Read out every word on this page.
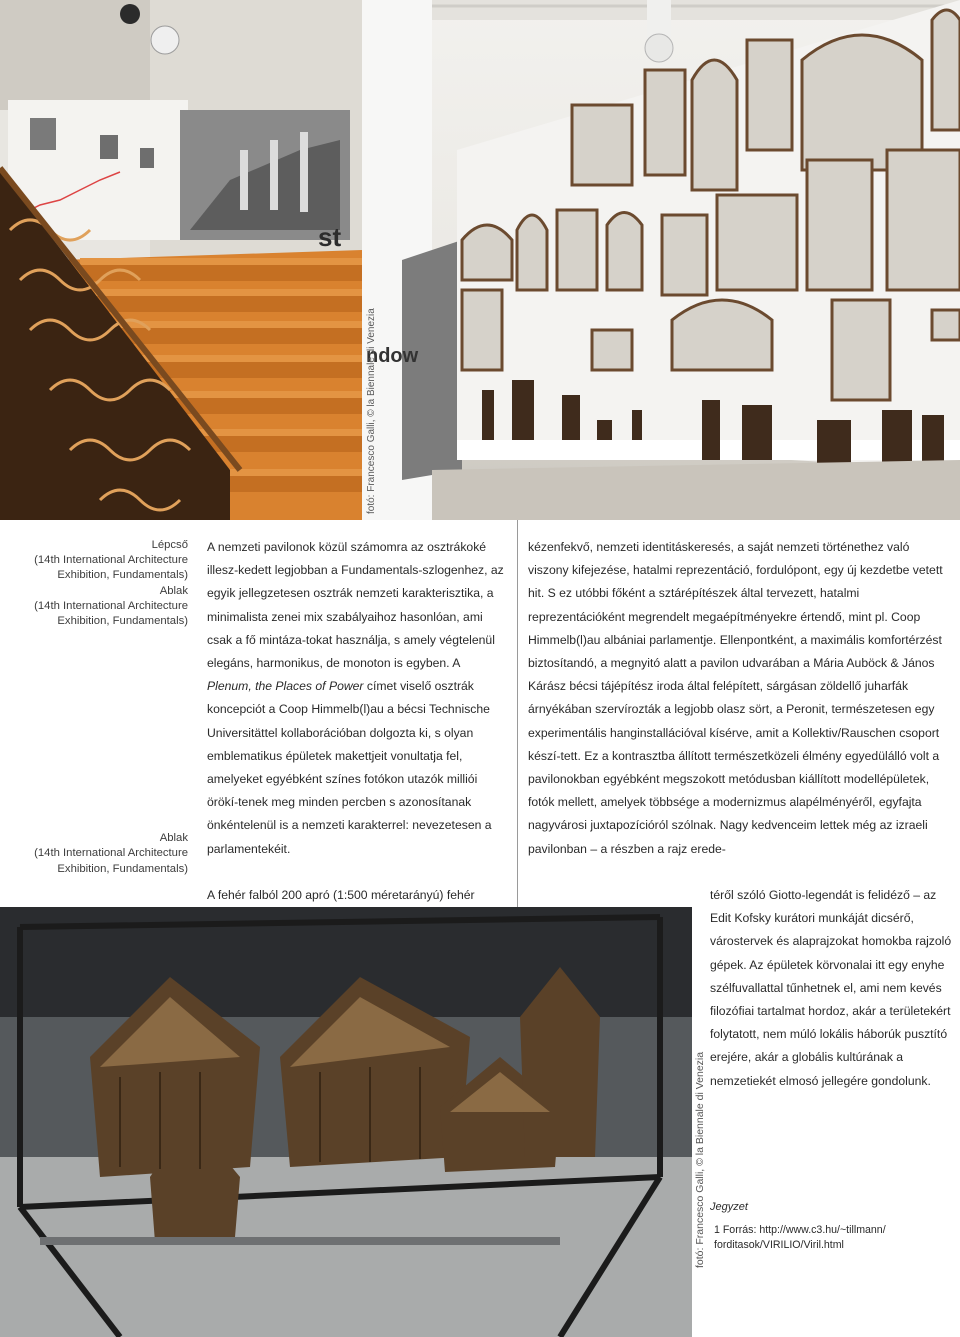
st
ndow
fotó: Francesco Galli, © la Biennale di Venezia

Lépcső
(14th International Architecture Exhibition, Fundamentals)

Ablak
(14th International Architecture Exhibition, Fundamentals)

Ablak
(14th International Architecture Exhibition, Fundamentals)

A nemzeti pavilonok közül számomra az osztrákoké illesz-kedett legjobban a Fundamentals-szlogenhez, az egyik jellegzetesen osztrák nemzeti karakterisztika, a minimalista zenei mix szabályaihoz hasonlóan, ami csak a fő mintáza-tokat használja, s amely végtelenül elegáns, harmonikus, de monoton is egyben. A Plenum, the Places of Power címet viselő osztrák koncepciót a Coop Himmelb(l)au a bécsi Technische Universitättel kollaborációban dolgozta ki, s olyan emblematikus épületek makettjeit vonultatja fel, amelyeket egyébként színes fotókon utazók milliói örökí-tenek meg minden percben s azonosítanak önkéntelenül is a nemzeti karakterrel: nevezetesen a parlamentekéit.

A fehér falból 200 apró (1:500 méretarányú) fehér

kézenfekvő, nemzeti identitáskeresés, a saját nemzeti történethez való viszony kifejezése, hatalmi reprezentáció, fordulópont, egy új kezdetbe vetett hit. S ez utóbbi főként a sztárépítészek által tervezett, hatalmi reprezentációként megrendelt megaépítményekre értendő, mint pl. Coop Himmelb(l)au albániai parlamentje. Ellenpontként, a maximális komfortérzést biztosítandó, a megnyitó alatt a pavilon udvarában a Mária Auböck & János Kárász bécsi tájépítész iroda által felépített, sárgásan zöldellő juharfák árnyékában szervírozták a legjobb olasz sört, a Peronit, természetesen egy experimentális hanginstallációval kísérve, amit a Kollektiv/Rauschen csoport készí-tett. Ez a kontrasztba állított természetközeli élmény egyedülálló volt a pavilonokban egyébként megszokott metódusban kiállított modellépületek, fotók mellett, amelyek többsége a modernizmus alapélményéről, egyfajta nagyvárosi juxtapozícióról szólnak. Nagy kedvenceim lettek még az izraeli pavilonban – a részben a rajz erede-

téről szóló Giotto-legendát is felidéző – az Edit Kofsky kurátori munkáját dicsérő, várostervek és alaprajzokat homokba rajzoló gépek. Az épületek körvonalai itt egy enyhe szélfuvallattal tűnhetnek el, ami nem kevés filozófiai tartalmat hordoz, akár a területekért folytatott, nem múló lokális háborúk pusztító erejére, akár a globális kultúrának a nemzetiekét elmosó jellegére gondolunk.

fotó: Francesco Galli, © la Biennale di Venezia Jegyzet
1 Forrás: http://www.c3.hu/~tillmann/ forditasok/VIRILIO/Viril.html
